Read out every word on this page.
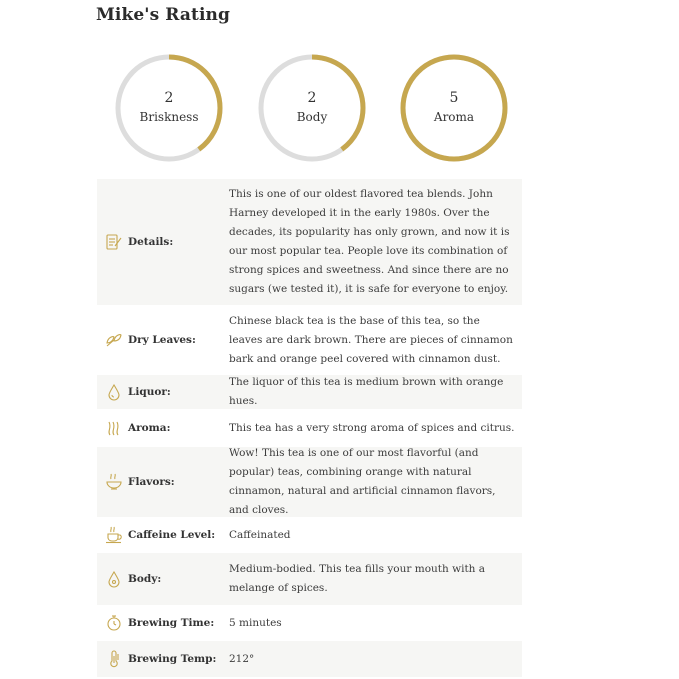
Mike's Rating
2
Briskness
2
Body
5
Aroma
Details:
This is one of our oldest flavored tea blends. John Harney developed it in the early 1980s. Over the decades, its popularity has only grown, and now it is our most popular tea. People love its combination of strong spices and sweetness. And since there are no sugars (we tested it), it is safe for everyone to enjoy.
Dry Leaves:
Chinese black tea is the base of this tea, so the leaves are dark brown. There are pieces of cinnamon bark and orange peel covered with cinnamon dust.
Liquor:
The liquor of this tea is medium brown with orange hues.
Aroma:	This tea has a very strong aroma of spices and citrus.
Flavors:
Wow! This tea is one of our most flavorful (and popular) teas, combining orange with natural cinnamon, natural and artificial cinnamon flavors, and cloves.
Caffeine Level:	Caffeinated
Body:
Medium-bodied. This tea fills your mouth with a melange of spices.
Brewing Time:	5 minutes
Brewing Temp:	212°
